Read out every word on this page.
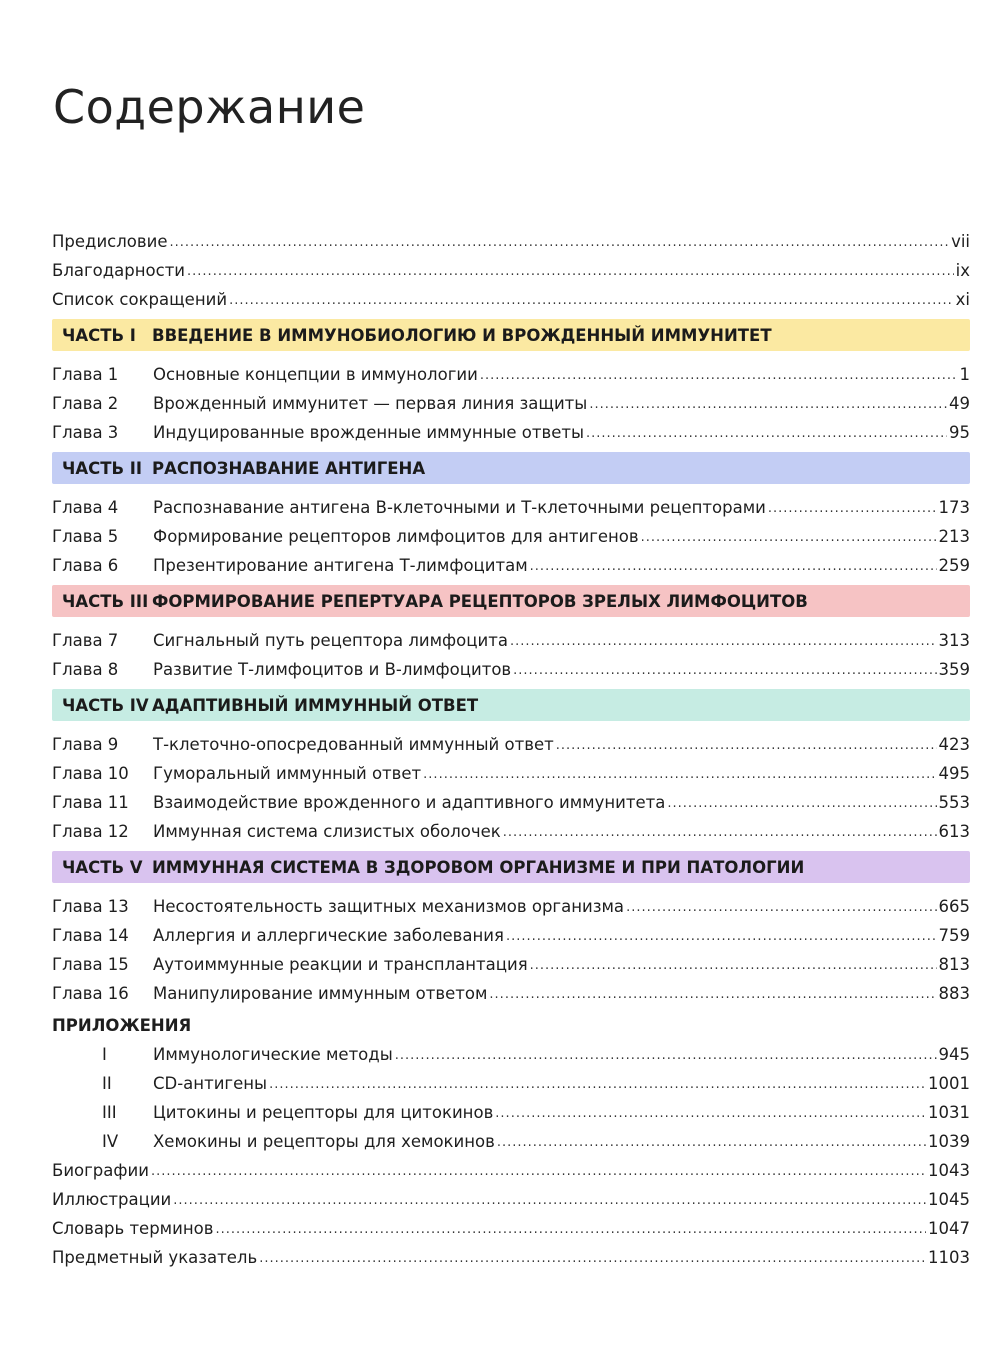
Содержание
Предисловие .....	vii
Благодарности .....	ix
Список сокращений .....	xi
ЧАСТЬ I ВВЕДЕНИЕ В ИММУНОБИОЛОГИЮ И ВРОЖДЕННЫЙ ИММУНИТЕТ
Глава 1	Основные концепции в иммунологии .....	1
Глава 2	Врожденный иммунитет — первая линия защиты .....	49
Глава 3	Индуцированные врожденные иммунные ответы .....	95
ЧАСТЬ II РАСПОЗНАВАНИЕ АНТИГЕНА
Глава 4	Распознавание антигена В-клеточными и Т-клеточными рецепторами .....	173
Глава 5	Формирование рецепторов лимфоцитов для антигенов .....	213
Глава 6	Презентирование антигена Т-лимфоцитам .....	259
ЧАСТЬ III ФОРМИРОВАНИЕ РЕПЕРТУАРА РЕЦЕПТОРОВ ЗРЕЛЫХ ЛИМФОЦИТОВ
Глава 7	Сигнальный путь рецептора лимфоцита .....	313
Глава 8	Развитие Т-лимфоцитов и В-лимфоцитов .....	359
ЧАСТЬ IV АДАПТИВНЫЙ ИММУННЫЙ ОТВЕТ
Глава 9	Т-клеточно-опосредованный иммунный ответ .....	423
Глава 10	Гуморальный иммунный ответ .....	495
Глава 11	Взаимодействие врожденного и адаптивного иммунитета .....	553
Глава 12	Иммунная система слизистых оболочек .....	613
ЧАСТЬ V ИММУННАЯ СИСТЕМА В ЗДОРОВОМ ОРГАНИЗМЕ И ПРИ ПАТОЛОГИИ
Глава 13	Несостоятельность защитных механизмов организма .....	665
Глава 14	Аллергия и аллергические заболевания .....	759
Глава 15	Аутоиммунные реакции и трансплантация .....	813
Глава 16	Манипулирование иммунным ответом .....	883
ПРИЛОЖЕНИЯ
I	Иммунологические методы .....	945
II	CD-антигены .....	1001
III	Цитокины и рецепторы для цитокинов .....	1031
IV	Хемокины и рецепторы для хемокинов .....	1039
Биографии .....	1043
Иллюстрации .....	1045
Словарь терминов .....	1047
Предметный указатель .....	1103
